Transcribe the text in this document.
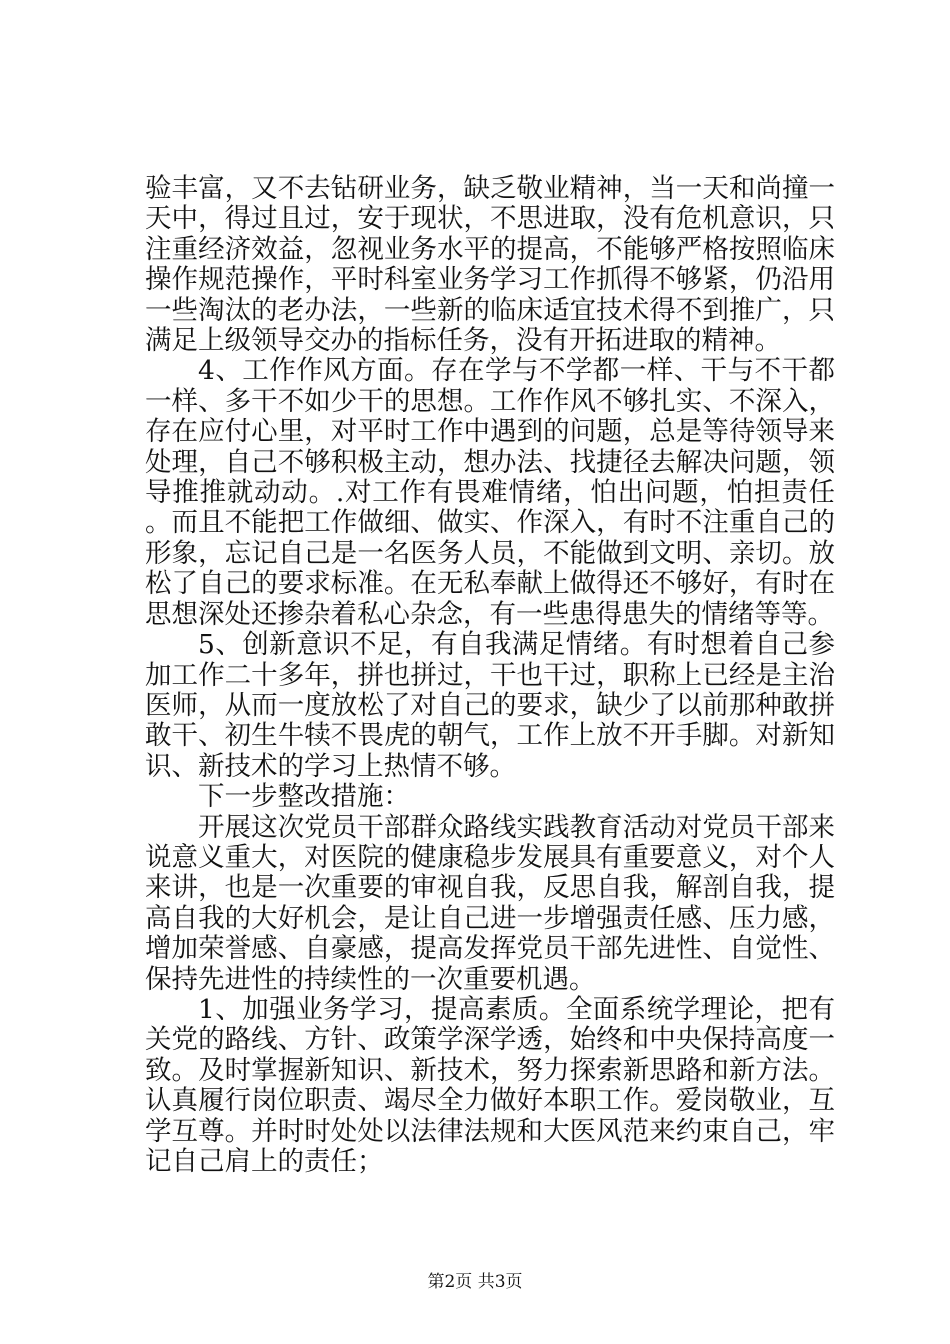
验丰富，又不去钻研业务，缺乏敬业精神，当一天和尚撞一天中，得过且过，安于现状，不思进取，没有危机意识，只注重经济效益，忽视业务水平的提高，不能够严格按照临床操作规范操作，平时科室业务学习工作抓得不够紧，仍沿用一些淘汰的老办法，一些新的临床适宜技术得不到推广，只满足上级领导交办的指标任务，没有开拓进取的精神。

4、工作作风方面。存在学与不学都一样、干与不干都一样、多干不如少干的思想。工作作风不够扎实、不深入，存在应付心里，对平时工作中遇到的问题，总是等待领导来处理，自己不够积极主动，想办法、找捷径去解决问题，领导推推就动动。.对工作有畏难情绪，怕出问题，怕担责任。而且不能把工作做细、做实、作深入，有时不注重自己的形象，忘记自己是一名医务人员，不能做到文明、亲切。放松了自己的要求标准。在无私奉献上做得还不够好，有时在思想深处还掺杂着私心杂念，有一些患得患失的情绪等等。

5、创新意识不足，有自我满足情绪。有时想着自己参加工作二十多年，拼也拼过，干也干过，职称上已经是主治医师，从而一度放松了对自己的要求，缺少了以前那种敢拼敢干、初生牛犊不畏虎的朝气，工作上放不开手脚。对新知识、新技术的学习上热情不够。

下一步整改措施：

开展这次党员干部群众路线实践教育活动对党员干部来说意义重大，对医院的健康稳步发展具有重要意义，对个人来讲，也是一次重要的审视自我，反思自我，解剖自我，提高自我的大好机会，是让自己进一步增强责任感、压力感，增加荣誉感、自豪感，提高发挥党员干部先进性、自觉性、保持先进性的持续性的一次重要机遇。

1、加强业务学习，提高素质。全面系统学理论，把有关党的路线、方针、政策学深学透，始终和中央保持高度一致。及时掌握新知识、新技术，努力探索新思路和新方法。认真履行岗位职责、竭尽全力做好本职工作。爱岗敬业，互学互尊。并时时处处以法律法规和大医风范来约束自己，牢记自己肩上的责任；

第2页 共3页
